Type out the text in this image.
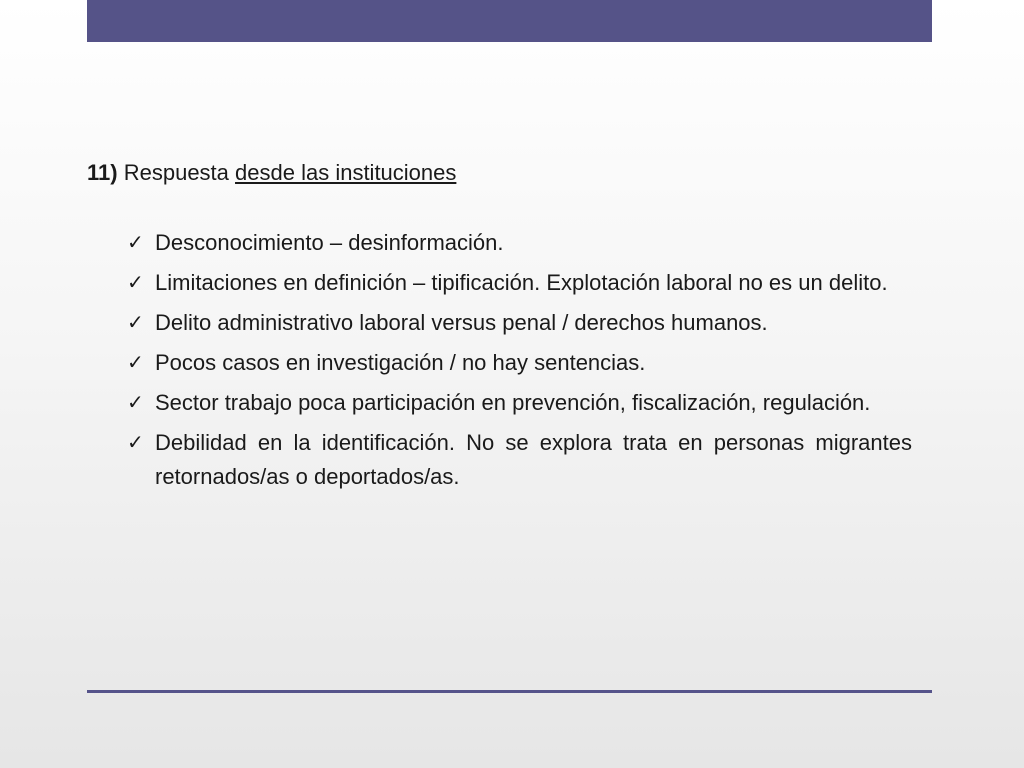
11) Respuesta desde las instituciones

✓ Desconocimiento – desinformación.
✓ Limitaciones en definición – tipificación. Explotación laboral no es un delito.
✓ Delito administrativo laboral versus penal / derechos humanos.
✓ Pocos casos en investigación / no hay sentencias.
✓ Sector trabajo poca participación en prevención, fiscalización, regulación.
✓ Debilidad en la identificación. No se explora trata en personas migrantes retornados/as o deportados/as.
